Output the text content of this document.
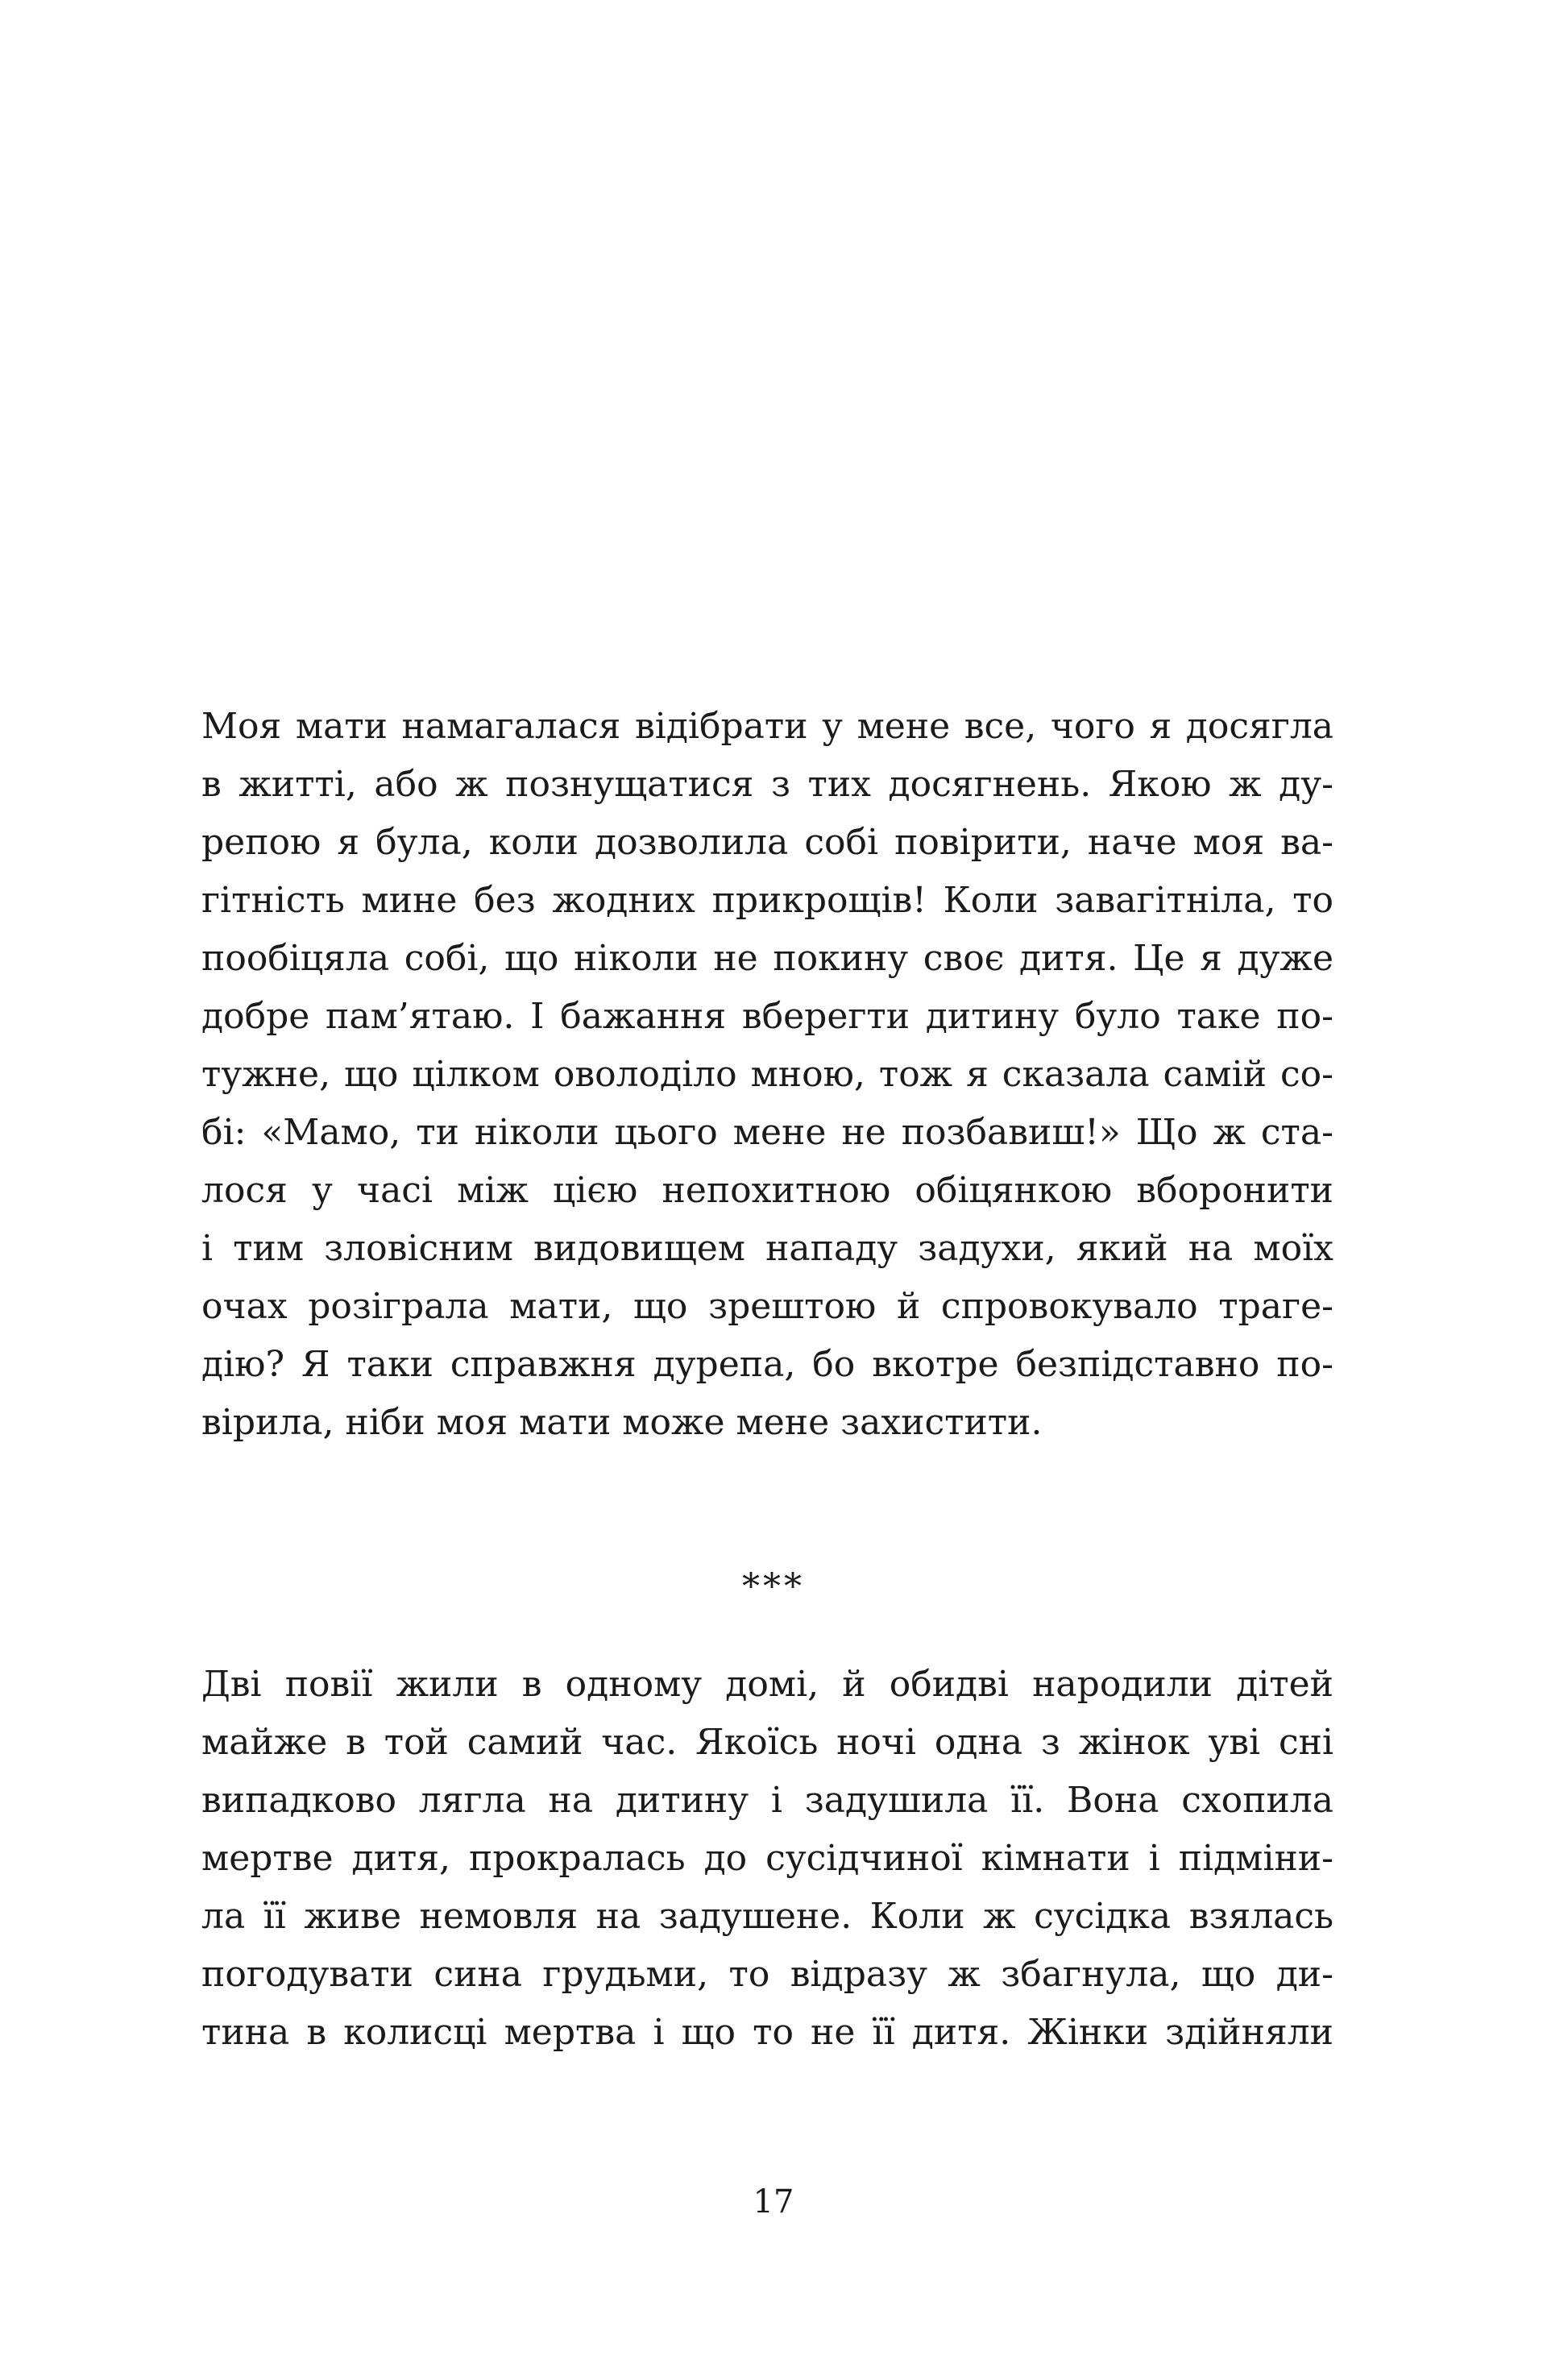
Моя мати намагалася відібрати у мене все, чого я досягла
в житті, або ж познущатися з тих досягнень. Якою ж ду-
репою я була, коли дозволила собі повірити, наче моя ва-
гітність мине без жодних прикрощів! Коли завагітніла, то
пообіцяла собі, що ніколи не покину своє дитя. Це я дуже
добре пам’ятаю. І бажання вберегти дитину було таке по-
тужне, що цілком оволоділо мною, тож я сказала самій со-
бі: «Мамо, ти ніколи цього мене не позбавиш!» Що ж ста-
лося у часі між цією непохитною обіцянкою вборонити
і тим зловісним видовищем нападу задухи, який на моїх
очах розіграла мати, що зрештою й спровокувало траге-
дію? Я таки справжня дурепа, бо вкотре безпідставно по-
вірила, ніби моя мати може мене захистити.
***
Дві повії жили в одному домі, й обидві народили дітей
майже в той самий час. Якоїсь ночі одна з жінок уві сні
випадково лягла на дитину і задушила її. Вона схопила
мертве дитя, прокралась до сусідчиної кімнати і підміни-
ла її живе немовля на задушене. Коли ж сусідка взялась
погодувати сина грудьми, то відразу ж збагнула, що ди-
тина в колисці мертва і що то не її дитя. Жінки здійняли
17
